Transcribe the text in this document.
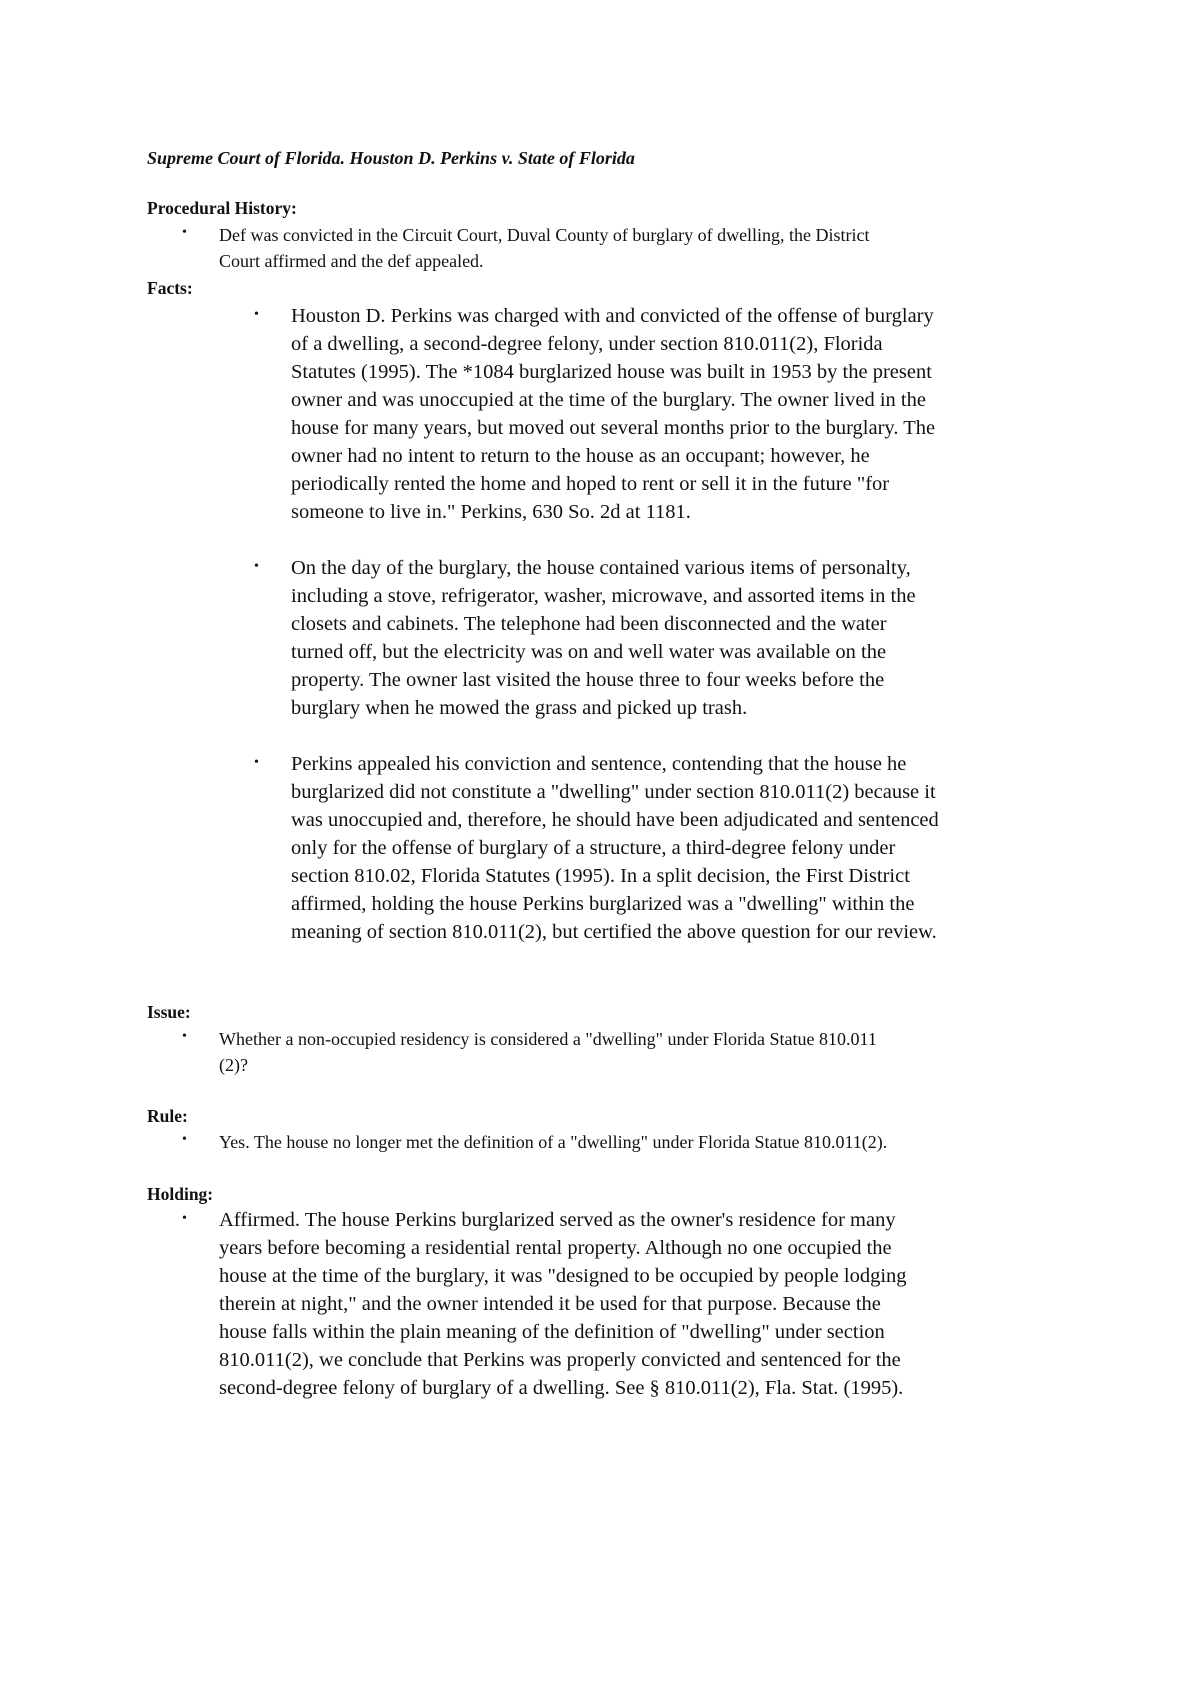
Supreme Court of Florida. Houston D. Perkins v. State of Florida
Procedural History:
• Def was convicted in the Circuit Court, Duval County of burglary of dwelling, the District
Court affirmed and the def appealed.
Facts:
• Houston D. Perkins was charged with and convicted of the offense of burglary
of a dwelling, a second-degree felony, under section 810.011(2), Florida
Statutes (1995). The *1084 burglarized house was built in 1953 by the present
owner and was unoccupied at the time of the burglary. The owner lived in the
house for many years, but moved out several months prior to the burglary. The
owner had no intent to return to the house as an occupant; however, he
periodically rented the home and hoped to rent or sell it in the future "for
someone to live in." Perkins, 630 So. 2d at 1181.
• On the day of the burglary, the house contained various items of personalty,
including a stove, refrigerator, washer, microwave, and assorted items in the
closets and cabinets. The telephone had been disconnected and the water
turned off, but the electricity was on and well water was available on the
property. The owner last visited the house three to four weeks before the
burglary when he mowed the grass and picked up trash.
• Perkins appealed his conviction and sentence, contending that the house he
burglarized did not constitute a "dwelling" under section 810.011(2) because it
was unoccupied and, therefore, he should have been adjudicated and sentenced
only for the offense of burglary of a structure, a third-degree felony under
section 810.02, Florida Statutes (1995). In a split decision, the First District
affirmed, holding the house Perkins burglarized was a "dwelling" within the
meaning of section 810.011(2), but certified the above question for our review.
Issue:
• Whether a non-occupied residency is considered a "dwelling" under Florida Statue 810.011
(2)?
Rule:
• Yes. The house no longer met the definition of a "dwelling" under Florida Statue 810.011(2).
Holding:
• Affirmed. The house Perkins burglarized served as the owner's residence for many
years before becoming a residential rental property. Although no one occupied the
house at the time of the burglary, it was "designed to be occupied by people lodging
therein at night," and the owner intended it be used for that purpose. Because the
house falls within the plain meaning of the definition of "dwelling" under section
810.011(2), we conclude that Perkins was properly convicted and sentenced for the
second-degree felony of burglary of a dwelling. See § 810.011(2), Fla. Stat. (1995).
